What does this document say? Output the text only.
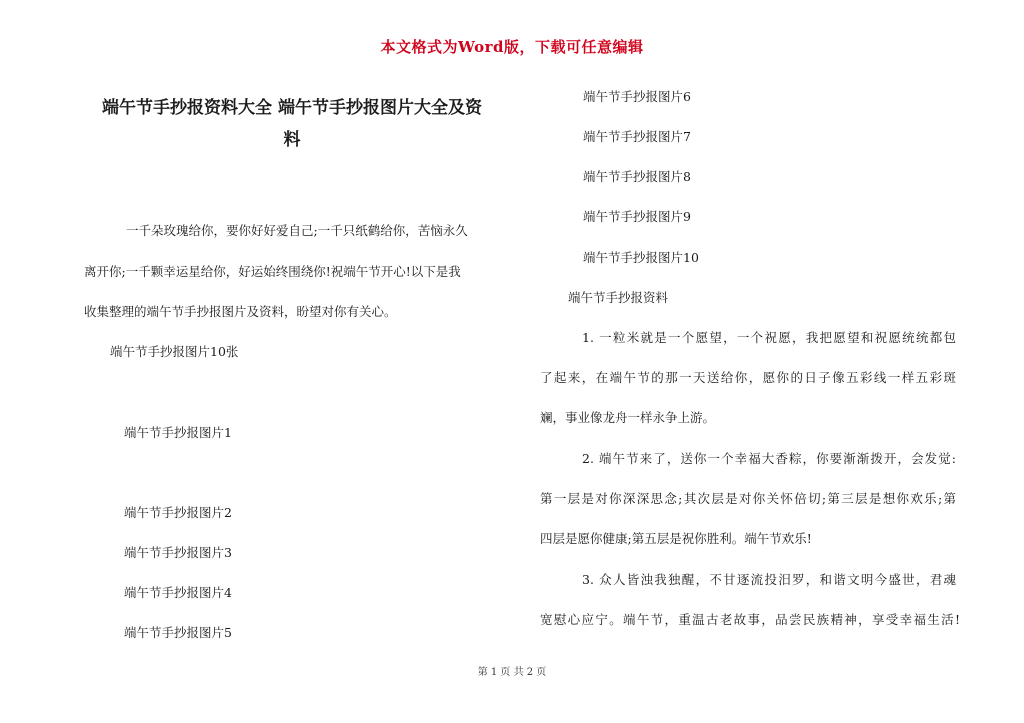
本文格式为Word版，下载可任意编辑

端午节手抄报资料大全 端午节手抄报图片大全及资

料

一千朵玫瑰给你，要你好好爱自己;一千只纸鹤给你，苦恼永久

离开你;一千颗幸运星给你，好运始终围绕你!祝端午节开心!以下是我

收集整理的端午节手抄报图片及资料，盼望对你有关心。

端午节手抄报图片10张

端午节手抄报图片1

端午节手抄报图片2

端午节手抄报图片3

端午节手抄报图片4

端午节手抄报图片5

端午节手抄报图片6

端午节手抄报图片7

端午节手抄报图片8

端午节手抄报图片9

端午节手抄报图片10

端午节手抄报资料

1. 一粒米就是一个愿望，一个祝愿，我把愿望和祝愿统统都包

了起来，在端午节的那一天送给你，愿你的日子像五彩线一样五彩斑

斓，事业像龙舟一样永争上游。

2. 端午节来了，送你一个幸福大香粽，你要渐渐拨开，会发觉:

第一层是对你深深思念;其次层是对你关怀倍切;第三层是想你欢乐;第

四层是愿你健康;第五层是祝你胜利。端午节欢乐!

3. 众人皆浊我独醒，不甘逐流投汨罗，和谐文明今盛世，君魂

宽慰心应宁。端午节，重温古老故事，品尝民族精神，享受幸福生活!

第 1 页 共 2 页
